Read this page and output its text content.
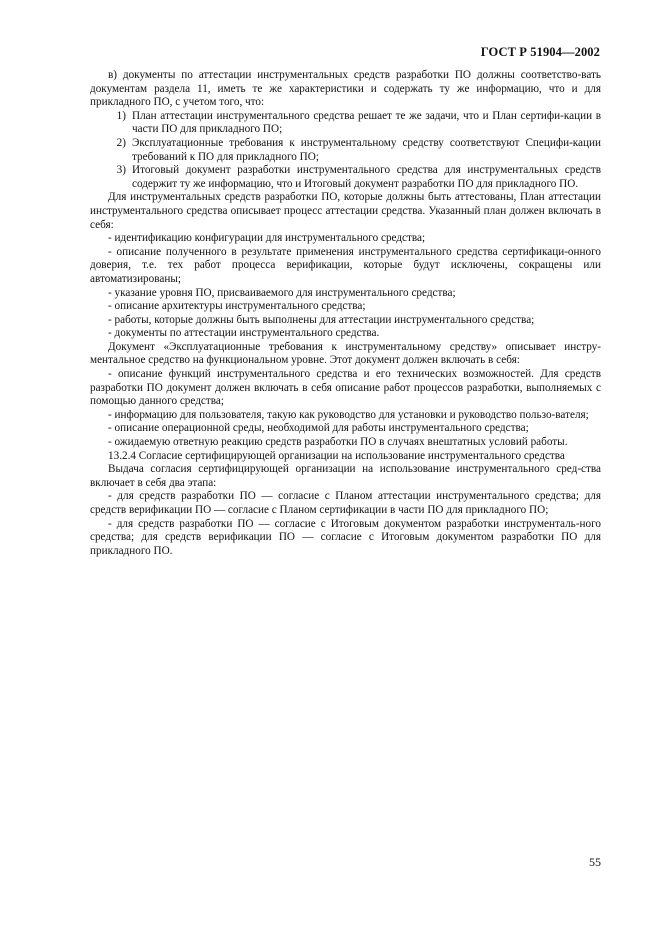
ГОСТ Р 51904—2002

в) документы по аттестации инструментальных средств разработки ПО должны соответство-вать документам раздела 11, иметь те же характеристики и содержать ту же информацию, что и для прикладного ПО, с учетом того, что:

1) План аттестации инструментального средства решает те же задачи, что и План сертифи-кации в части ПО для прикладного ПО;
2) Эксплуатационные требования к инструментальному средству соответствуют Специфи-кации требований к ПО для прикладного ПО;
3) Итоговый документ разработки инструментального средства для инструментальных средств содержит ту же информацию, что и Итоговый документ разработки ПО для прикладного ПО.

Для инструментальных средств разработки ПО, которые должны быть аттестованы, План аттестации инструментального средства описывает процесс аттестации средства. Указанный план должен включать в себя:

- идентификацию конфигурации для инструментального средства;

- описание полученного в результате применения инструментального средства сертификаци-онного доверия, т.е. тех работ процесса верификации, которые будут исключены, сокращены или автоматизированы;

- указание уровня ПО, присваиваемого для инструментального средства;

- описание архитектуры инструментального средства;

- работы, которые должны быть выполнены для аттестации инструментального средства;

- документы по аттестации инструментального средства.

Документ «Эксплуатационные требования к инструментальному средству» описывает инстру-ментальное средство на функциональном уровне. Этот документ должен включать в себя:

- описание функций инструментального средства и его технических возможностей. Для средств разработки ПО документ должен включать в себя описание работ процессов разработки, выполняемых с помощью данного средства;

- информацию для пользователя, такую как руководство для установки и руководство пользо-вателя;

- описание операционной среды, необходимой для работы инструментального средства;

- ожидаемую ответную реакцию средств разработки ПО в случаях внештатных условий работы.

13.2.4 Согласие сертифицирующей организации на использование инструментального средства

Выдача согласия сертифицирующей организации на использование инструментального сред-ства включает в себя два этапа:

- для средств разработки ПО — согласие с Планом аттестации инструментального средства; для средств верификации ПО — согласие с Планом сертификации в части ПО для прикладного ПО;

- для средств разработки ПО — согласие с Итоговым документом разработки инструменталь-ного средства; для средств верификации ПО — согласие с Итоговым документом разработки ПО для прикладного ПО.

55
